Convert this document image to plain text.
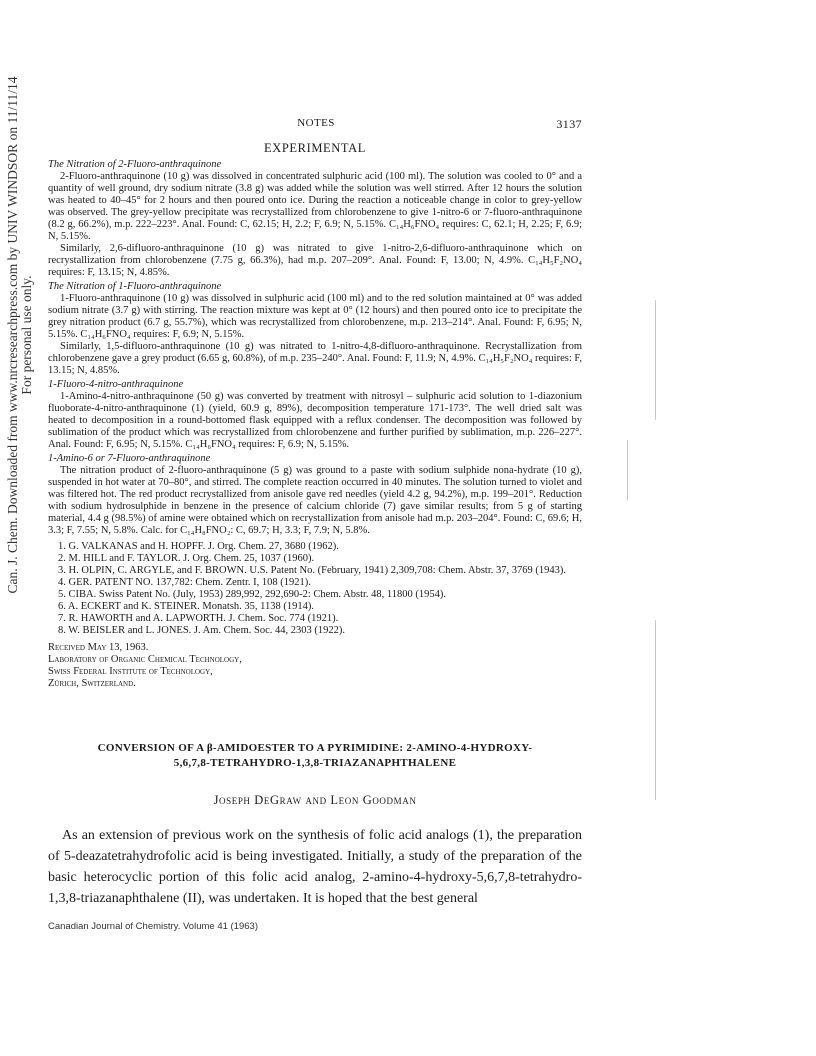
Can. J. Chem. Downloaded from www.nrcresearchpress.com by UNIV WINDSOR on 11/11/14 For personal use only.
NOTES	3137
EXPERIMENTAL
The Nitration of 2-Fluoro-anthraquinone

2-Fluoro-anthraquinone (10 g) was dissolved in concentrated sulphuric acid (100 ml). The solution was cooled to 0° and a quantity of well ground, dry sodium nitrate (3.8 g) was added while the solution was well stirred. After 12 hours the solution was heated to 40–45° for 2 hours and then poured onto ice. During the reaction a noticeable change in color to grey-yellow was observed. The grey-yellow precipitate was recrystallized from chlorobenzene to give 1-nitro-6 or 7-fluoro-anthraquinone (8.2 g, 66.2%), m.p. 222–223°. Anal. Found: C, 62.15; H, 2.2; F, 6.9; N, 5.15%. C₁₄H₆FNO₄ requires: C, 62.1; H, 2.25; F, 6.9; N, 5.15%.

Similarly, 2,6-difluoro-anthraquinone (10 g) was nitrated to give 1-nitro-2,6-difluoro-anthraquinone which on recrystallization from chlorobenzene (7.75 g, 66.3%), had m.p. 207–209°. Anal. Found: F, 13.00; N, 4.9%. C₁₄H₅F₂NO₄ requires: F, 13.15; N, 4.85%.

The Nitration of 1-Fluoro-anthraquinone

1-Fluoro-anthraquinone (10 g) was dissolved in sulphuric acid (100 ml) and to the red solution maintained at 0° was added sodium nitrate (3.7 g) with stirring. The reaction mixture was kept at 0° (12 hours) and then poured onto ice to precipitate the grey nitration product (6.7 g, 55.7%), which was recrystallized from chlorobenzene, m.p. 213–214°. Anal. Found: F, 6.95; N, 5.15%. C₁₄H₆FNO₄ requires: F, 6.9; N, 5.15%.

Similarly, 1,5-difluoro-anthraquinone (10 g) was nitrated to 1-nitro-4,8-difluoro-anthraquinone. Recrystallization from chlorobenzene gave a grey product (6.65 g, 60.8%), of m.p. 235–240°. Anal. Found: F, 11.9; N, 4.9%. C₁₄H₅F₂NO₄ requires: F, 13.15; N, 4.85%.

1-Fluoro-4-nitro-anthraquinone

1-Amino-4-nitro-anthraquinone (50 g) was converted by treatment with nitrosyl – sulphuric acid solution to 1-diazonium fluoborate-4-nitro-anthraquinone (1) (yield, 60.9 g, 89%), decomposition temperature 171-173°. The well dried salt was heated to decomposition in a round-bottomed flask equipped with a reflux condenser. The decomposition was followed by sublimation of the product which was recrystallized from chlorobenzene and further purified by sublimation, m.p. 226–227°. Anal. Found: F, 6.95; N, 5.15%. C₁₄H₆FNO₄ requires: F, 6.9; N, 5.15%.

1-Amino-6 or 7-Fluoro-anthraquinone

The nitration product of 2-fluoro-anthraquinone (5 g) was ground to a paste with sodium sulphide nona-hydrate (10 g), suspended in hot water at 70–80°, and stirred. The complete reaction occurred in 40 minutes. The solution turned to violet and was filtered hot. The red product recrystallized from anisole gave red needles (yield 4.2 g, 94.2%), m.p. 199–201°. Reduction with sodium hydrosulphide in benzene in the presence of calcium chloride (7) gave similar results; from 5 g of starting material, 4.4 g (98.5%) of amine were obtained which on recrystallization from anisole had m.p. 203–204°. Found: C, 69.6; H, 3.3; F, 7.55; N, 5.8%. Calc. for C₁₄H₈FNO₂: C, 69.7; H, 3.3; F, 7.9; N, 5.8%.

1. G. VALKANAS and H. HOPFF. J. Org. Chem. 27, 3680 (1962).

2. M. HILL and F. TAYLOR. J. Org. Chem. 25, 1037 (1960).

3. H. OLPIN, C. ARGYLE, and F. BROWN. U.S. Patent No. (February, 1941) 2,309,708: Chem. Abstr. 37, 3769 (1943).

4. GER. PATENT NO. 137,782: Chem. Zentr. I, 108 (1921).

5. CIBA. Swiss Patent No. (July, 1953) 289,992, 292,690-2: Chem. Abstr. 48, 11800 (1954).

6. A. ECKERT and K. STEINER. Monatsh. 35, 1138 (1914).

7. R. HAWORTH and A. LAPWORTH. J. Chem. Soc. 774 (1921).

8. W. BEISLER and L. JONES. J. Am. Chem. Soc. 44, 2303 (1922).

Received May 13, 1963.
Laboratory of Organic Chemical Technology,
Swiss Federal Institute of Technology,
Zürich, Switzerland.
CONVERSION OF A β-AMIDOESTER TO A PYRIMIDINE: 2-AMINO-4-HYDROXY-
5,6,7,8-TETRAHYDRO-1,3,8-TRIAZANAPHTHALENE
Joseph DeGraw and Leon Goodman

As an extension of previous work on the synthesis of folic acid analogs (1), the preparation of 5-deazatetrahydrofolic acid is being investigated. Initially, a study of the preparation of the basic heterocyclic portion of this folic acid analog, 2-amino-4-hydroxy-5,6,7,8-tetrahydro-1,3,8-triazanaphthalene (II), was undertaken. It is hoped that the best general

Canadian Journal of Chemistry. Volume 41 (1963)
